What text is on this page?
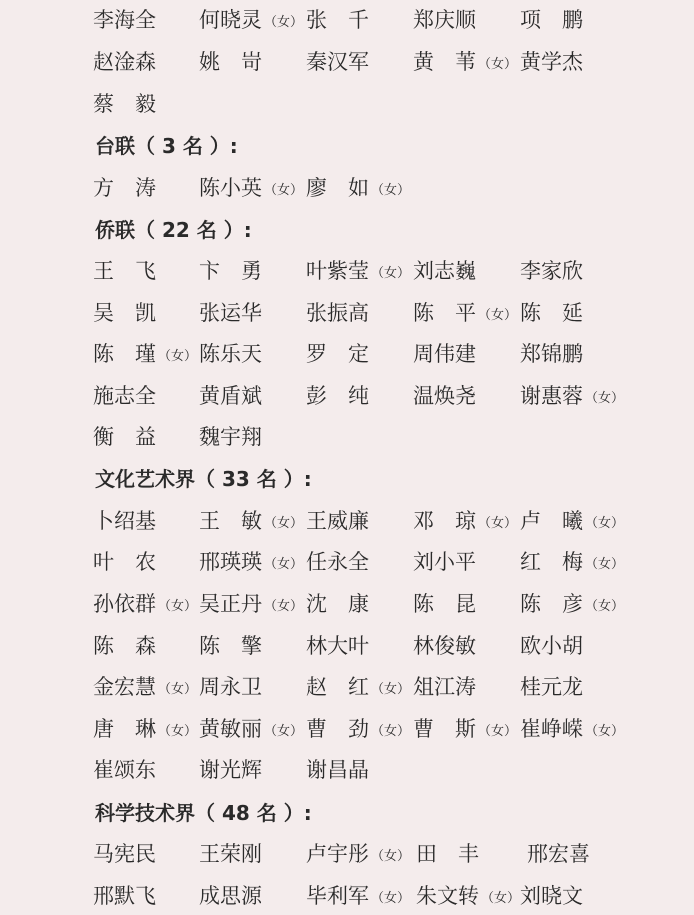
李海全 何晓灵 （女） 张　千 郑庆顺 项　鹏
赵淦森 姚　岢 秦汉军 黄　苇 （女） 黄学杰
蔡　毅
台联（ 3 名 ）:
方　涛 陈小英 （女） 廖　如 （女）
侨联（ 22 名 ）:
王　飞 卞　勇 叶紫莹 （女） 刘志巍 李家欣
吴　凯 张运华 张振高 陈　平 （女） 陈　延
陈　瑾 （女） 陈乐天 罗　定 周伟建 郑锦鹏
施志全 黄盾斌 彭　纯 温焕尧 谢惠蓉 （女）
衡　益 魏宇翔
文化艺术界（ 33 名 ）:
卜绍基 王　敏 （女） 王威廉 邓　琼 （女） 卢　曦 （女）
叶　农 邢瑛瑛 （女） 任永全 刘小平 红　梅 （女）
孙依群 （女） 吴正丹 （女） 沈　康 陈　昆 陈　彦 （女）
陈　森 陈　擎 林大叶 林俊敏 欧小胡
金宏慧 （女） 周永卫 赵　红 （女） 俎江涛 桂元龙
唐　琳 （女） 黄敏丽 （女） 曹　劲 （女） 曹　斯 （女） 崔峥嵘 （女）
崔颂东 谢光辉 谢昌晶
科学技术界（ 48 名 ）:
马宪民 王荣刚 卢宇彤 （女） 田　丰 邢宏喜
邢默飞 成思源 毕利军 （女） 朱文转 （女） 刘晓文
